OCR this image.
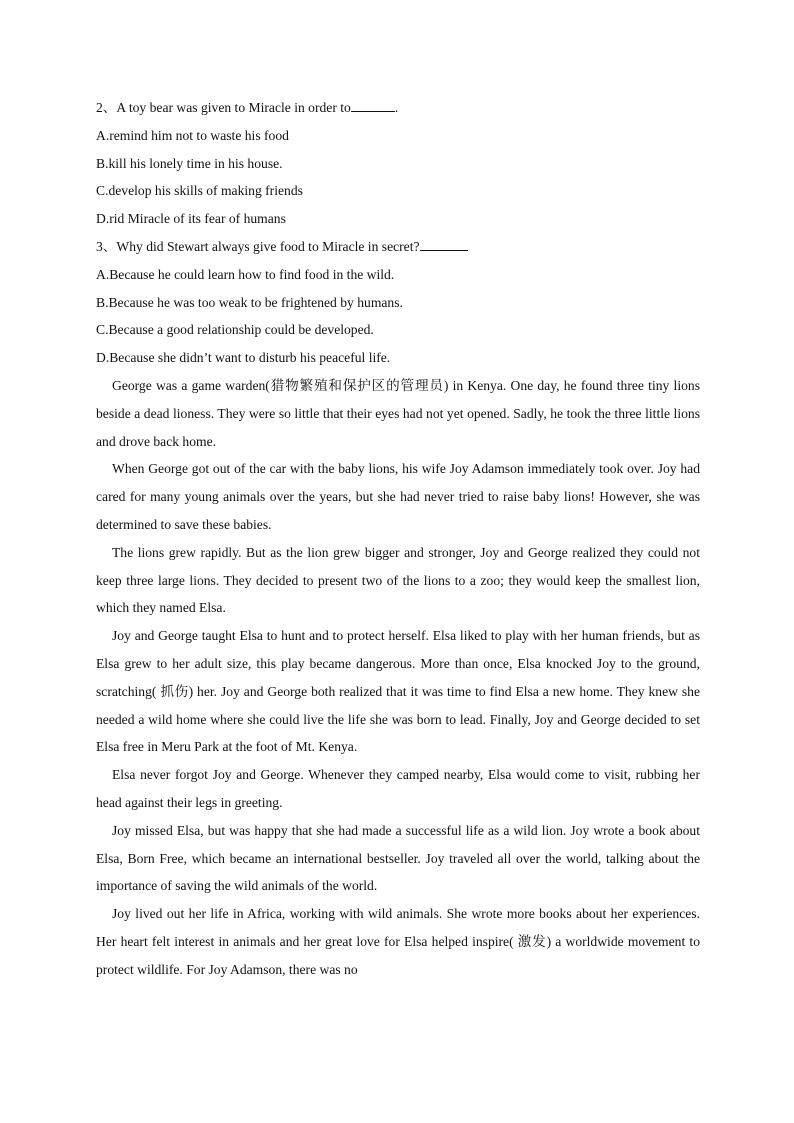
2、A toy bear was given to Miracle in order to	.
A.remind him not to waste his food
B.kill his lonely time in his house.
C.develop his skills of making friends
D.rid Miracle of its fear of humans
3、Why did Stewart always give food to Miracle in secret?
A.Because he could learn how to find food in the wild.
B.Because he was too weak to be frightened by humans.
C.Because a good relationship could be developed.
D.Because she didn’t want to disturb his peaceful life.
George was a game warden(猎物繁殖和保护区的管理员) in Kenya. One day, he found three tiny lions beside a dead lioness. They were so little that their eyes had not yet opened. Sadly, he took the three little lions and drove back home.
When George got out of the car with the baby lions, his wife Joy Adamson immediately took over. Joy had cared for many young animals over the years, but she had never tried to raise baby lions! However, she was determined to save these babies.
The lions grew rapidly. But as the lion grew bigger and stronger, Joy and George realized they could not keep three large lions. They decided to present two of the lions to a zoo; they would keep the smallest lion, which they named Elsa.
Joy and George taught Elsa to hunt and to protect herself. Elsa liked to play with her human friends, but as Elsa grew to her adult size, this play became dangerous. More than once, Elsa knocked Joy to the ground, scratching( 抓伤) her. Joy and George both realized that it was time to find Elsa a new home. They knew she needed a wild home where she could live the life she was born to lead. Finally, Joy and George decided to set Elsa free in Meru Park at the foot of Mt. Kenya.
Elsa never forgot Joy and George. Whenever they camped nearby, Elsa would come to visit, rubbing her head against their legs in greeting.
Joy missed Elsa, but was happy that she had made a successful life as a wild lion. Joy wrote a book about Elsa, Born Free, which became an international bestseller. Joy traveled all over the world, talking about the importance of saving the wild animals of the world.
Joy lived out her life in Africa, working with wild animals. She wrote more books about her experiences. Her heart felt interest in animals and her great love for Elsa helped inspire( 激发) a worldwide movement to protect wildlife. For Joy Adamson, there was no
